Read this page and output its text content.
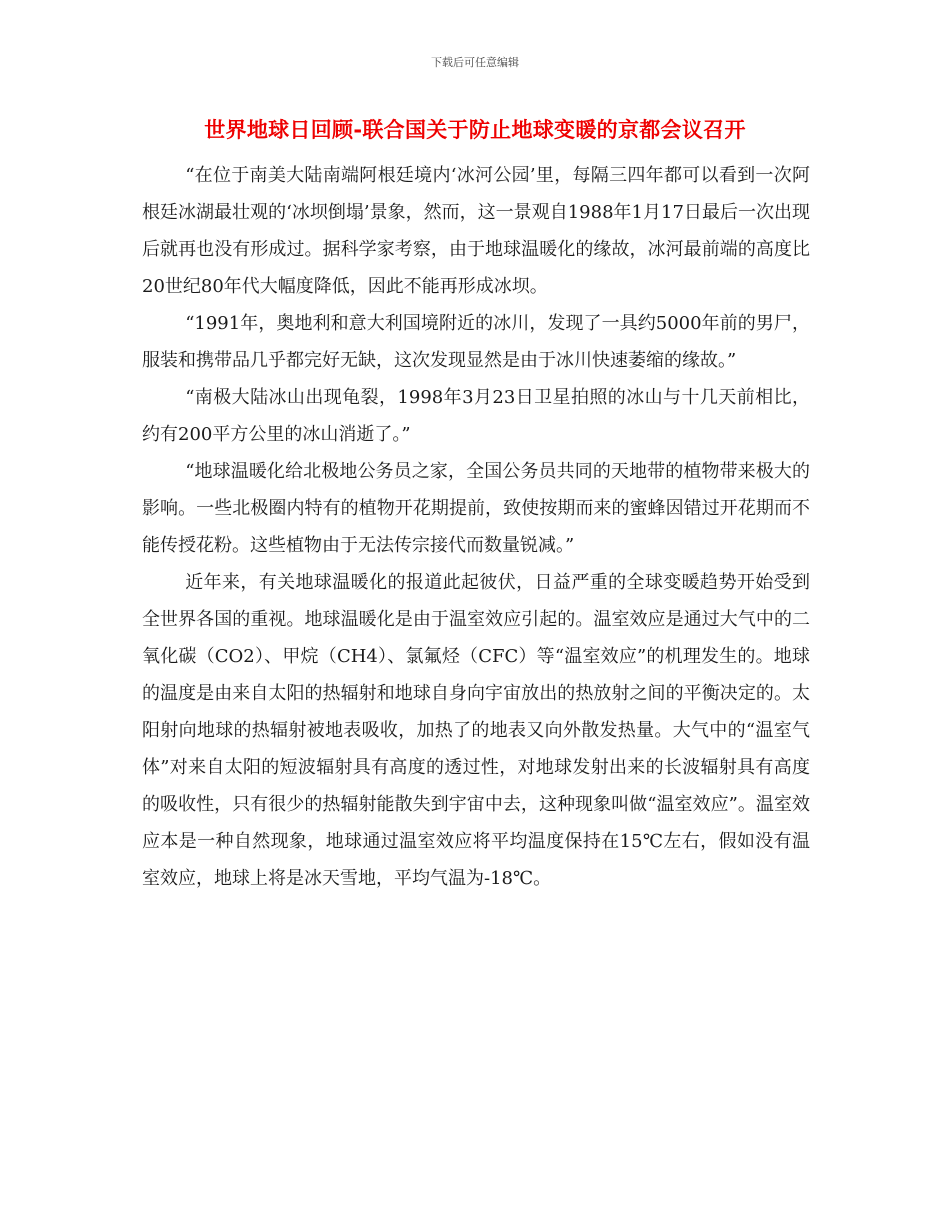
下载后可任意编辑
世界地球日回顾-联合国关于防止地球变暖的京都会议召开

“在位于南美大陆南端阿根廷境内‘冰河公园’里，每隔三四年都可以看到一次阿根廷冰湖最壮观的‘冰坝倒塌’景象，然而，这一景观自1988年1月17日最后一次出现后就再也没有形成过。据科学家考察，由于地球温暖化的缘故，冰河最前端的高度比20世纪80年代大幅度降低，因此不能再形成冰坝。

“1991年，奥地利和意大利国境附近的冰川，发现了一具约5000年前的男尸，服装和携带品几乎都完好无缺，这次发现显然是由于冰川快速萎缩的缘故。”

“南极大陆冰山出现龟裂，1998年3月23日卫星拍照的冰山与十几天前相比，约有200平方公里的冰山消逝了。”

“地球温暖化给北极地公务员之家，全国公务员共同的天地带的植物带来极大的影响。一些北极圈内特有的植物开花期提前，致使按期而来的蜜蜂因错过开花期而不能传授花粉。这些植物由于无法传宗接代而数量锐减。”

近年来，有关地球温暖化的报道此起彼伏，日益严重的全球变暖趋势开始受到全世界各国的重视。地球温暖化是由于温室效应引起的。温室效应是通过大气中的二氧化碳（CO2）、甲烷（CH4）、氯氟烃（CFC）等“温室效应”的机理发生的。地球的温度是由来自太阳的热辐射和地球自身向宇宙放出的热放射之间的平衡决定的。太阳射向地球的热辐射被地表吸收，加热了的地表又向外散发热量。大气中的“温室气体”对来自太阳的短波辐射具有高度的透过性，对地球发射出来的长波辐射具有高度的吸收性，只有很少的热辐射能散失到宇宙中去，这种现象叫做“温室效应”。温室效应本是一种自然现象，地球通过温室效应将平均温度保持在15℃左右，假如没有温室效应，地球上将是冰天雪地，平均气温为-18℃。
